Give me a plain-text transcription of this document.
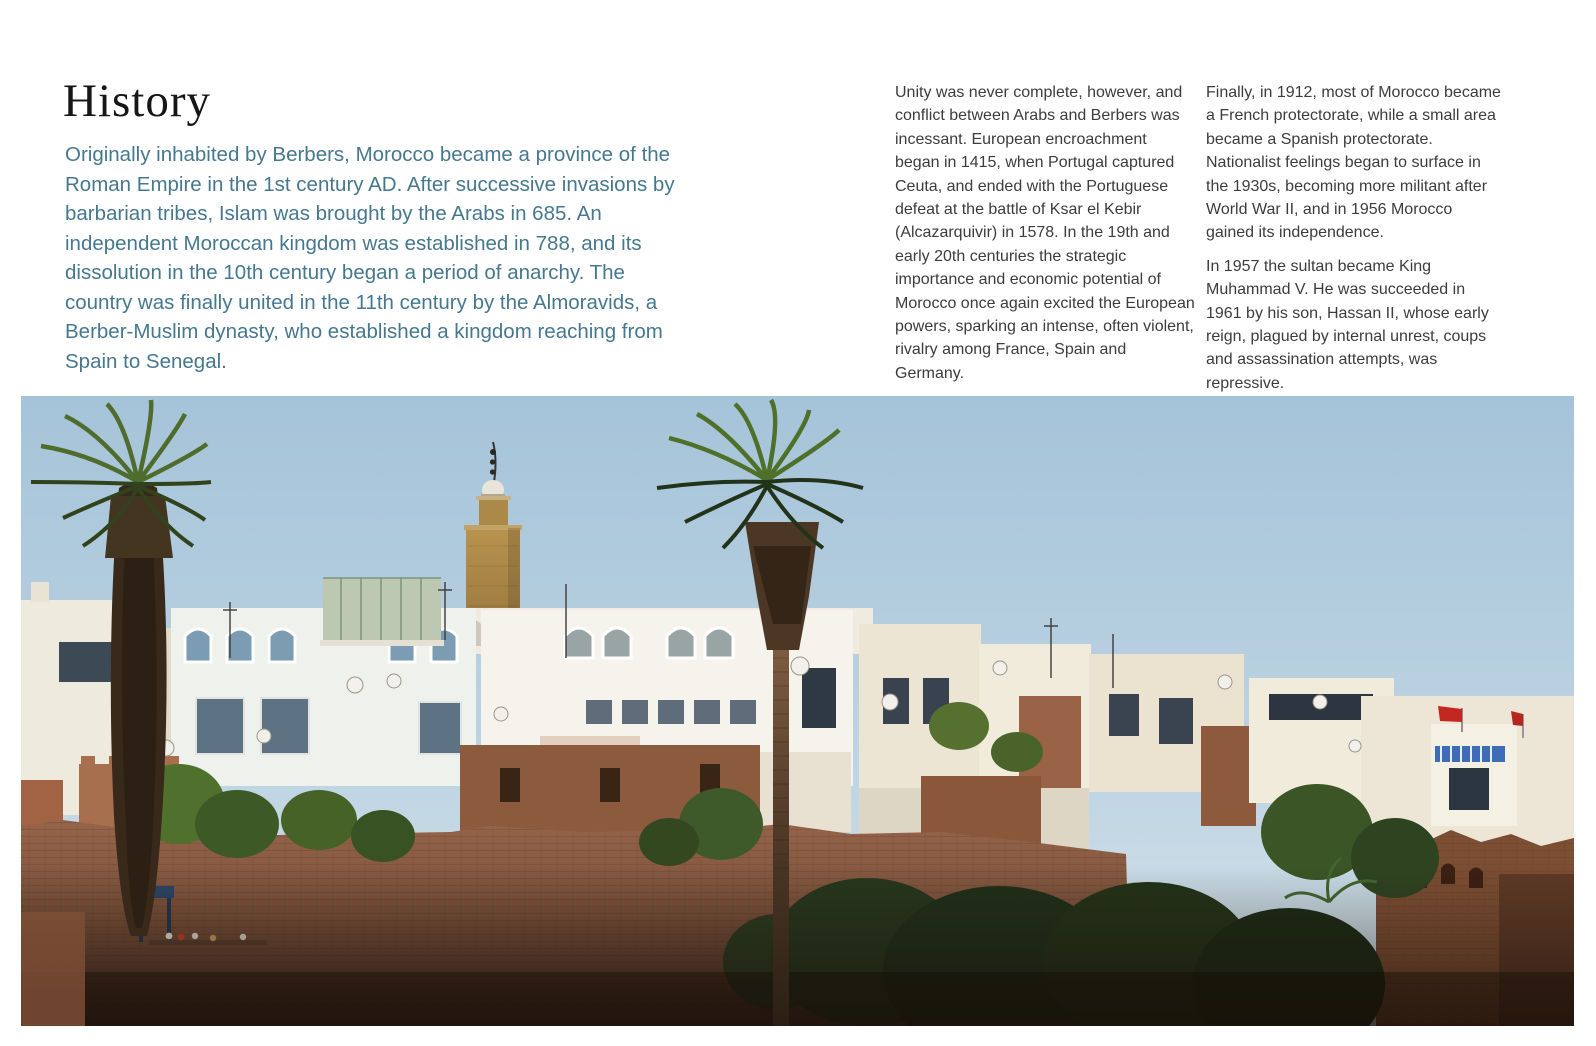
History

Originally inhabited by Berbers, Morocco became a province of the Roman Empire in the 1st century AD. After successive invasions by barbarian tribes, Islam was brought by the Arabs in 685. An independent Moroccan kingdom was established in 788, and its dissolution in the 10th century began a period of anarchy. The country was finally united in the 11th century by the Almoravids, a Berber-Muslim dynasty, who established a kingdom reaching from Spain to Senegal.

Unity was never complete, however, and conflict between Arabs and Berbers was incessant. European encroachment began in 1415, when Portugal captured Ceuta, and ended with the Portuguese defeat at the battle of Ksar el Kebir (Alcazarquivir) in 1578. In the 19th and early 20th centuries the strategic importance and economic potential of Morocco once again excited the European powers, sparking an intense, often violent, rivalry among France, Spain and Germany.

Finally, in 1912, most of Morocco became a French protectorate, while a small area became a Spanish protectorate. Nationalist feelings began to surface in the 1930s, becoming more militant after World War II, and in 1956 Morocco gained its independence.

In 1957 the sultan became King Muhammad V. He was succeeded in 1961 by his son, Hassan II, whose early reign, plagued by internal unrest, coups and assassination attempts, was repressive.
